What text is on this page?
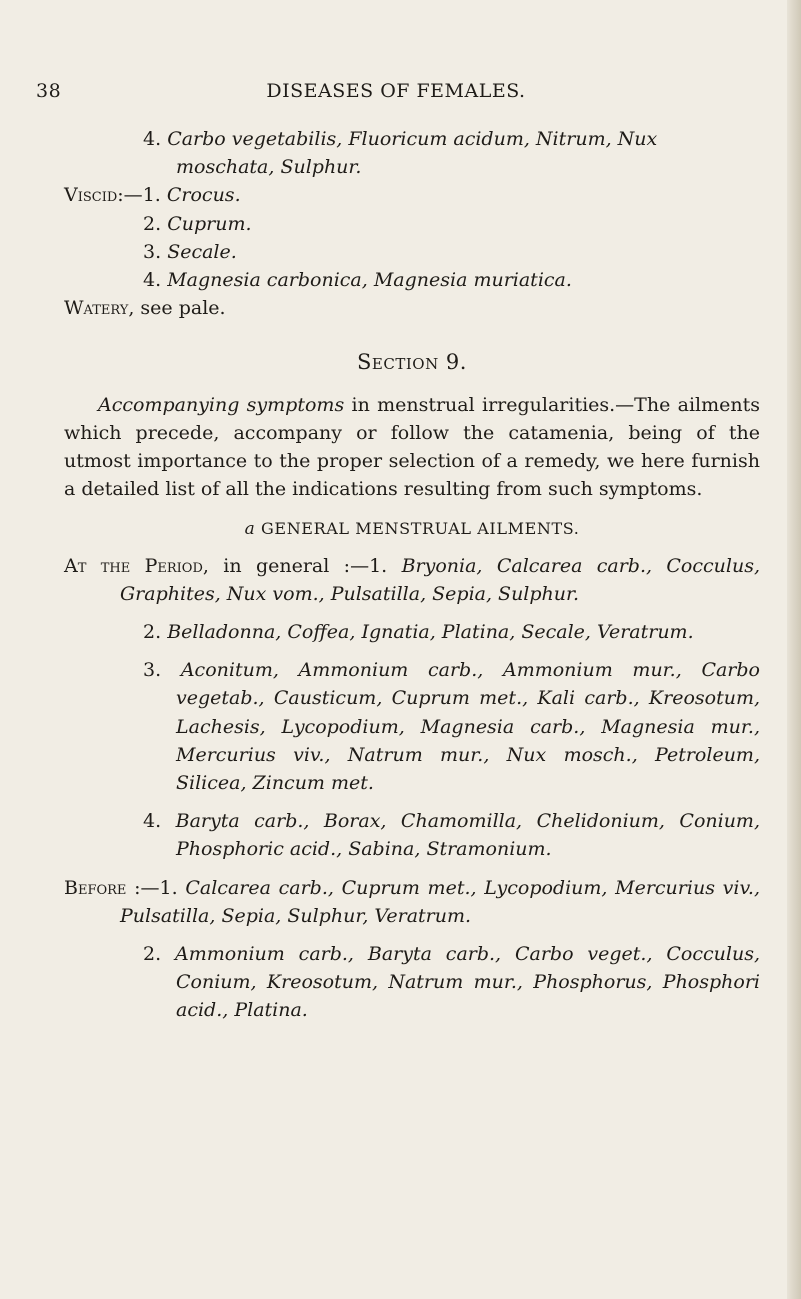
38	DISEASES OF FEMALES.

4. Carbo vegetabilis, Fluoricum acidum, Nitrum, Nux moschata, Sulphur.

Viscid:—1. Crocus.

2. Cuprum.

3. Secale.

4. Magnesia carbonica, Magnesia muriatica.

Watery, see pale.

Section 9.

Accompanying symptoms in menstrual irregularities.—The ailments which precede, accompany or follow the catamenia, being of the utmost importance to the proper selection of a remedy, we here furnish a detailed list of all the indications resulting from such symptoms.

a GENERAL MENSTRUAL AILMENTS.

At the Period, in general :—1. Bryonia, Calcarea carb., Cocculus, Graphites, Nux vom., Pulsatilla, Sepia, Sulphur.

2. Belladonna, Coffea, Ignatia, Platina, Secale, Veratrum.

3. Aconitum, Ammonium carb., Ammonium mur., Carbo vegetab., Causticum, Cuprum met., Kali carb., Kreosotum, Lachesis, Lycopodium, Magnesia carb., Magnesia mur., Mercurius viv., Natrum mur., Nux mosch., Petroleum, Silicea, Zincum met.

4. Baryta carb., Borax, Chamomilla, Chelidonium, Conium, Phosphoric acid., Sabina, Stramonium.

Before :—1. Calcarea carb., Cuprum met., Lycopodium, Mercurius viv., Pulsatilla, Sepia, Sulphur, Veratrum.

2. Ammonium carb., Baryta carb., Carbo veget., Cocculus, Conium, Kreosotum, Natrum mur., Phosphorus, Phosphori acid., Platina.
